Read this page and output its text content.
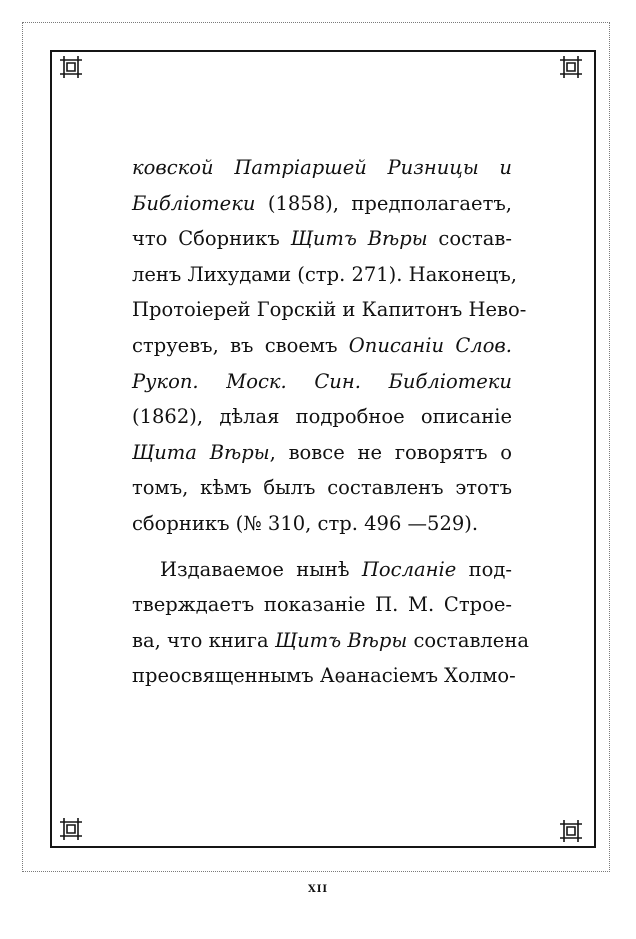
ковской Патріаршей Ризницы и
Библіотеки (1858), предполагаетъ,
что Сборникъ Щитъ Вѣры состав-
ленъ Лихудами (стр. 271). Наконецъ,
Протоіерей Горскій и Капитонъ Нево-
струевъ, въ своемъ Описаніи Слов.
Рукоп. Моск. Син. Библіотеки
(1862), дѣлая подробное описаніе
Щита Вѣры, вовсе не говорятъ о
томъ, кѣмъ былъ составленъ этотъ
сборникъ (№ 310, стр. 496 —529).
Издаваемое нынѣ Посланіе под-
тверждаетъ показаніе П. М. Строе-
ва, что книга Щитъ Вѣры составлена
преосвященнымъ Аѳанасіемъ Холмо-
XII
